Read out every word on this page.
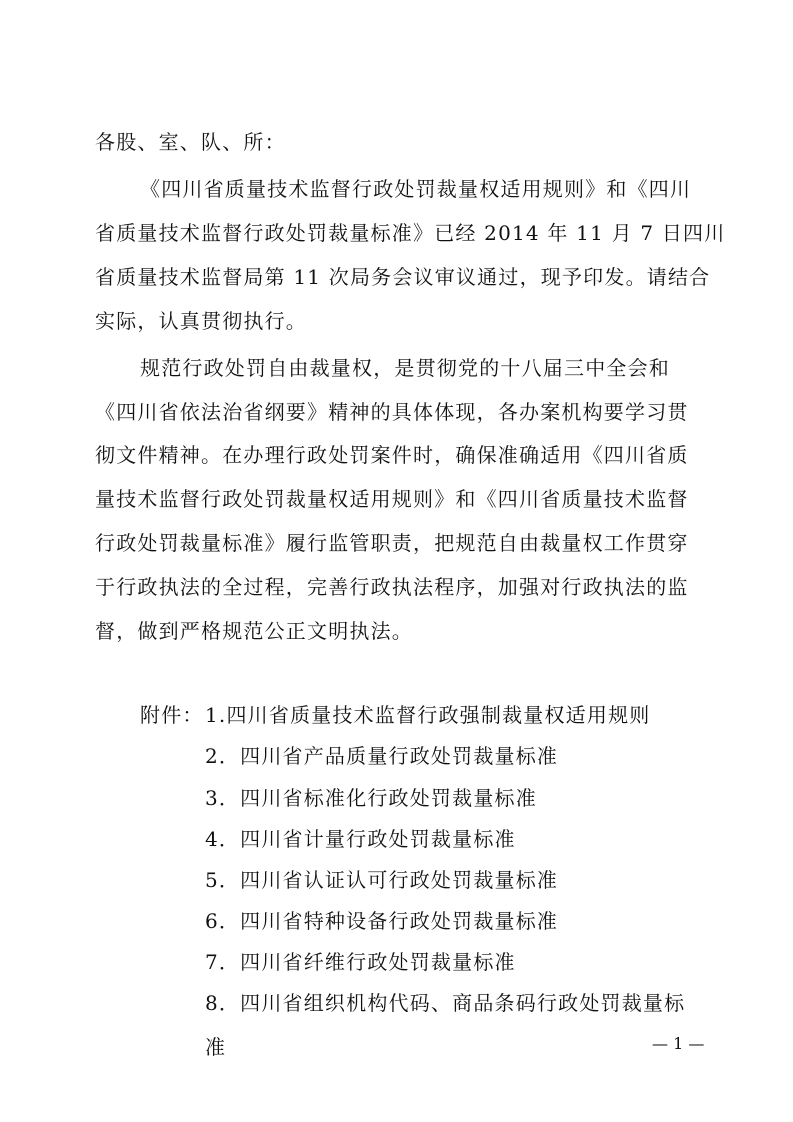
各股、室、队、所：
《四川省质量技术监督行政处罚裁量权适用规则》和《四川
省质量技术监督行政处罚裁量标准》已经 2014 年 11 月 7 日四川
省质量技术监督局第 11 次局务会议审议通过，现予印发。请结合
实际，认真贯彻执行。
规范行政处罚自由裁量权，是贯彻党的十八届三中全会和
《四川省依法治省纲要》精神的具体体现，各办案机构要学习贯
彻文件精神。在办理行政处罚案件时，确保准确适用《四川省质
量技术监督行政处罚裁量权适用规则》和《四川省质量技术监督
行政处罚裁量标准》履行监管职责，把规范自由裁量权工作贯穿
于行政执法的全过程，完善行政执法程序，加强对行政执法的监
督，做到严格规范公正文明执法。
附件： 1.四川省质量技术监督行政强制裁量权适用规则
2．四川省产品质量行政处罚裁量标准
3．四川省标准化行政处罚裁量标准
4．四川省计量行政处罚裁量标准
5．四川省认证认可行政处罚裁量标准
6．四川省特种设备行政处罚裁量标准
7．四川省纤维行政处罚裁量标准
8．四川省组织机构代码、商品条码行政处罚裁量标
准	— 1 —
